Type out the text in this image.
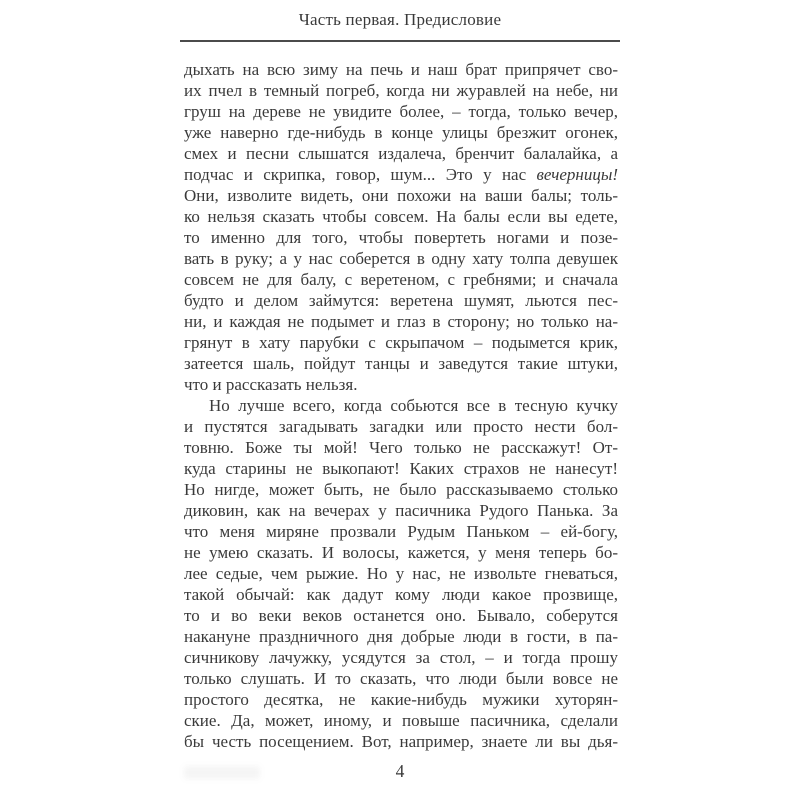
Часть первая. Предисловие
дыхать на всю зиму на печь и наш брат припрячет сво-
их пчел в темный погреб, когда ни журавлей на небе, ни
груш на дереве не увидите более, – тогда, только вечер,
уже наверно где-нибудь в конце улицы брезжит огонек,
смех и песни слышатся издалеча, бренчит балалайка, а
подчас и скрипка, говор, шум... Это у нас вечерницы!
Они, изволите видеть, они похожи на ваши балы; толь-
ко нельзя сказать чтобы совсем. На балы если вы едете,
то именно для того, чтобы повертеть ногами и позе-
вать в руку; а у нас соберется в одну хату толпа девушек
совсем не для балу, с веретеном, с гребнями; и сначала
будто и делом займутся: веретена шумят, льются пес-
ни, и каждая не подымет и глаз в сторону; но только на-
грянут в хату парубки с скрыпачом – подымется крик,
затеется шаль, пойдут танцы и заведутся такие штуки,
что и рассказать нельзя.
Но лучше всего, когда собьются все в тесную кучку
и пустятся загадывать загадки или просто нести бол-
товню. Боже ты мой! Чего только не расскажут! От-
куда старины не выкопают! Каких страхов не нанесут!
Но нигде, может быть, не было рассказываемо столько
диковин, как на вечерах у пасичника Рудого Панька. За
что меня миряне прозвали Рудым Паньком – ей-богу,
не умею сказать. И волосы, кажется, у меня теперь бо-
лее седые, чем рыжие. Но у нас, не извольте гневаться,
такой обычай: как дадут кому люди какое прозвище,
то и во веки веков останется оно. Бывало, соберутся
накануне праздничного дня добрые люди в гости, в па-
сичникову лачужку, усядутся за стол, – и тогда прошу
только слушать. И то сказать, что люди были вовсе не
простого десятка, не какие-нибудь мужики хуторян-
ские. Да, может, иному, и повыше пасичника, сделали
бы честь посещением. Вот, например, знаете ли вы дья-
4
